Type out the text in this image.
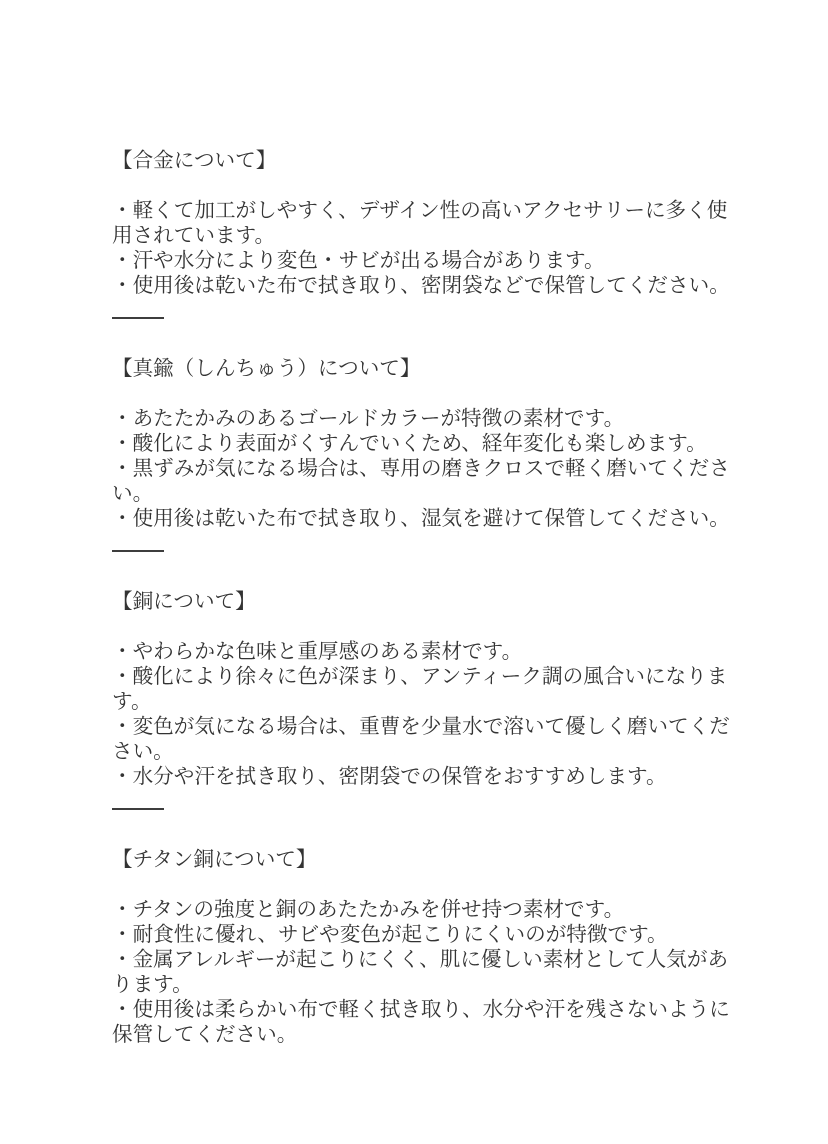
【合金について】
・軽くて加工がしやすく、デザイン性の高いアクセサリーに多く使用されています。
・汗や水分により変色・サビが出る場合があります。
・使用後は乾いた布で拭き取り、密閉袋などで保管してください。
【真鍮（しんちゅう）について】
・あたたかみのあるゴールドカラーが特徴の素材です。
・酸化により表面がくすんでいくため、経年変化も楽しめます。
・黒ずみが気になる場合は、専用の磨きクロスで軽く磨いてください。
・使用後は乾いた布で拭き取り、湿気を避けて保管してください。
【銅について】
・やわらかな色味と重厚感のある素材です。
・酸化により徐々に色が深まり、アンティーク調の風合いになります。
・変色が気になる場合は、重曹を少量水で溶いて優しく磨いてください。
・水分や汗を拭き取り、密閉袋での保管をおすすめします。
【チタン銅について】
・チタンの強度と銅のあたたかみを併せ持つ素材です。
・耐食性に優れ、サビや変色が起こりにくいのが特徴です。
・金属アレルギーが起こりにくく、肌に優しい素材として人気があります。
・使用後は柔らかい布で軽く拭き取り、水分や汗を残さないように保管してください。
